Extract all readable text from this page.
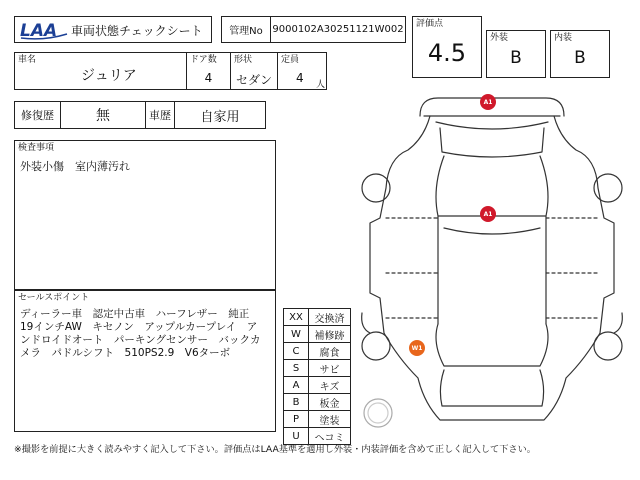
LAA 車両状態チェックシート	管理No 9000102A30251121W002 評価点
4.5
外装
B
内装
B
車名
ジュリア
ドア数
4
形状
セダン
定員
4 人
修復歴	無	車歴 自家用
検査事項
外装小傷　室内薄汚れ
セールスポイント
ディーラー車　認定中古車　ハーフレザー　純正
19インチAW　キセノン　アップルカープレイ　ア
ンドロイドオート　パーキングセンサー　バックカ
メラ　パドルシフト　510PS2.9　V6ターボ
XX	交換済
W	補修跡
C	腐食
S	サビ
A	キズ
B	板金
P	塗装
U	ヘコミ
A1
A1
W1
※撮影を前提に大きく読みやすく記入して下さい。評価点はLAA基準を適用し外装・内装評価を含めて正しく記入して下さい。
